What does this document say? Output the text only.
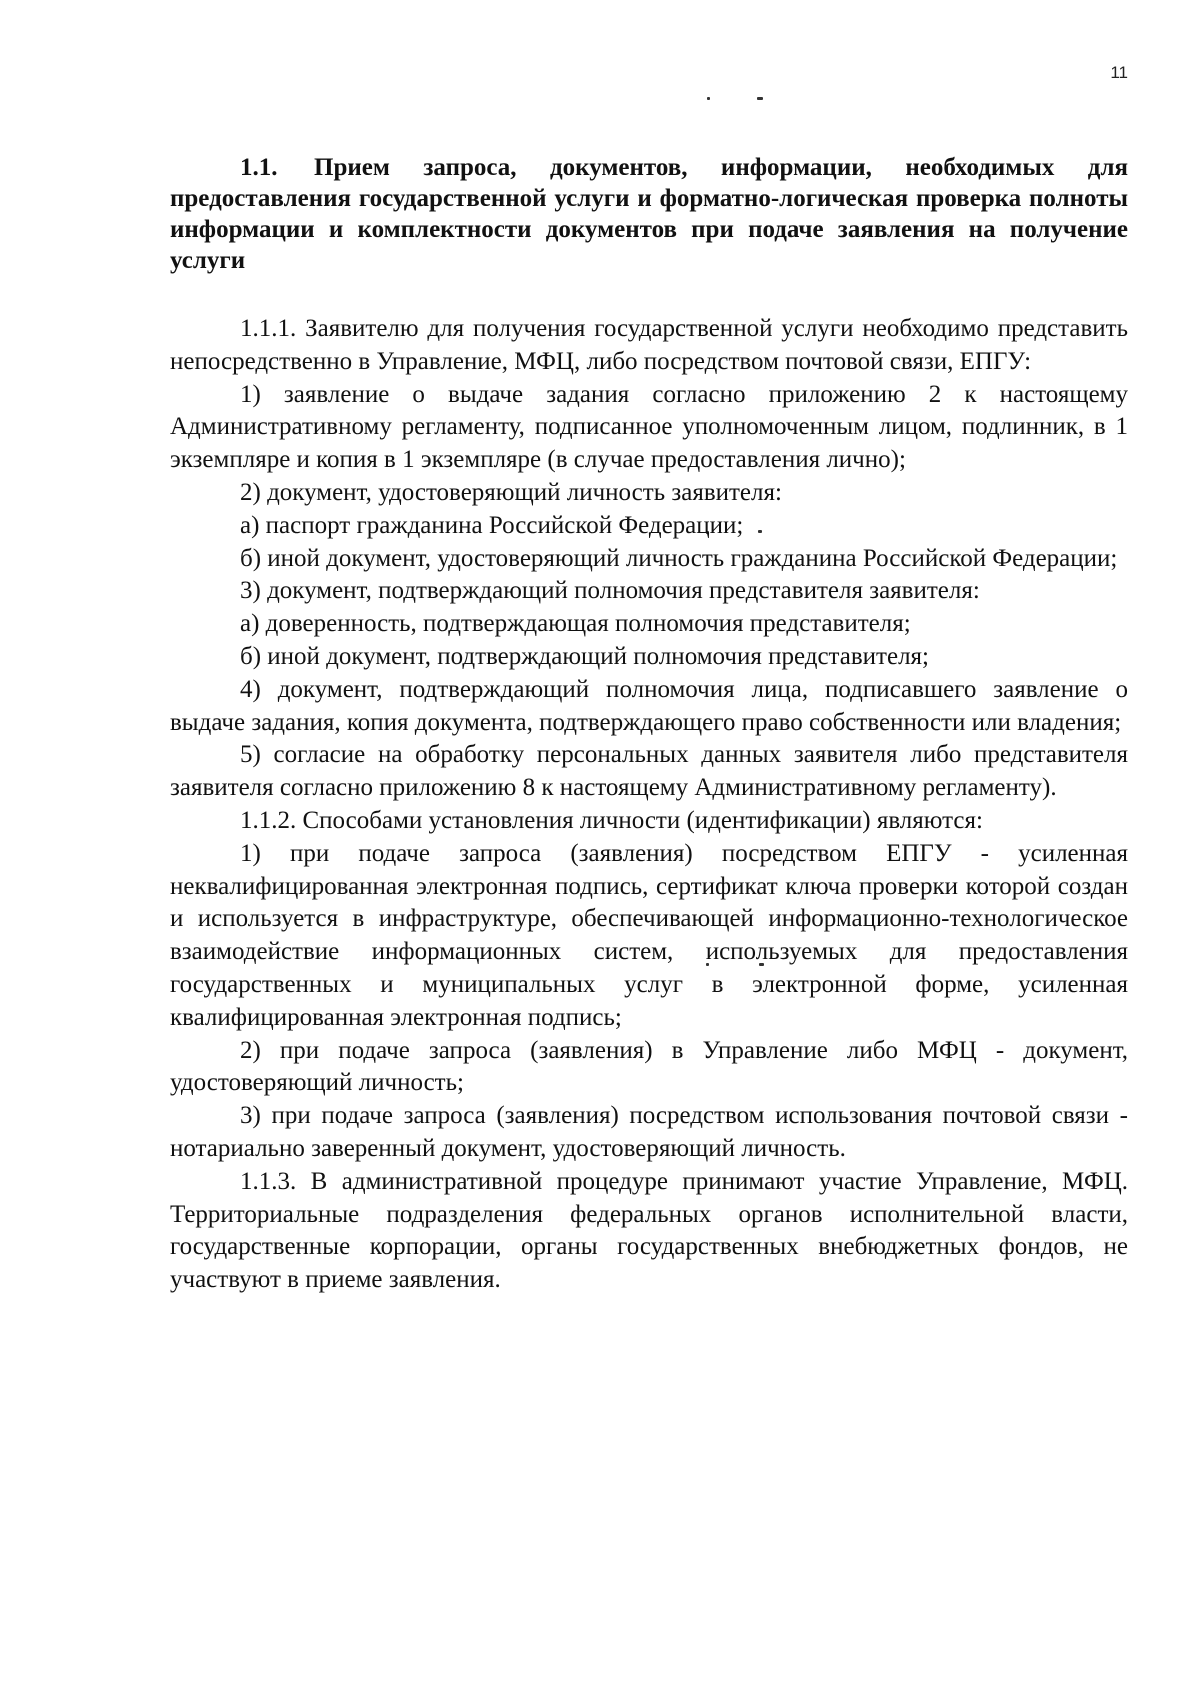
11
1.1. Прием запроса, документов, информации, необходимых для предоставления государственной услуги и форматно-логическая проверка полноты информации и комплектности документов при подаче заявления на получение услуги

1.1.1. Заявителю для получения государственной услуги необходимо представить непосредственно в Управление, МФЦ, либо посредством почтовой связи, ЕПГУ:

1) заявление о выдаче задания согласно приложению 2 к настоящему Административному регламенту, подписанное уполномоченным лицом, подлинник, в 1 экземпляре и копия в 1 экземпляре (в случае предоставления лично);

2) документ, удостоверяющий личность заявителя:

а) паспорт гражданина Российской Федерации;

б) иной документ, удостоверяющий личность гражданина Российской Федерации;

3) документ, подтверждающий полномочия представителя заявителя:

а) доверенность, подтверждающая полномочия представителя;

б) иной документ, подтверждающий полномочия представителя;

4) документ, подтверждающий полномочия лица, подписавшего заявление о выдаче задания, копия документа, подтверждающего право собственности или владения;

5) согласие на обработку персональных данных заявителя либо представителя заявителя согласно приложению 8 к настоящему Административному регламенту).

1.1.2. Способами установления личности (идентификации) являются:

1) при подаче запроса (заявления) посредством ЕПГУ - усиленная неквалифицированная электронная подпись, сертификат ключа проверки которой создан и используется в инфраструктуре, обеспечивающей информационно-технологическое взаимодействие информационных систем, используемых для предоставления государственных и муниципальных услуг в электронной форме, усиленная квалифицированная электронная подпись;

2) при подаче запроса (заявления) в Управление либо МФЦ - документ, удостоверяющий личность;

3) при подаче запроса (заявления) посредством использования почтовой связи - нотариально заверенный документ, удостоверяющий личность.

1.1.3. В административной процедуре принимают участие Управление, МФЦ. Территориальные подразделения федеральных органов исполнительной власти, государственные корпорации, органы государственных внебюджетных фондов, не участвуют в приеме заявления.
